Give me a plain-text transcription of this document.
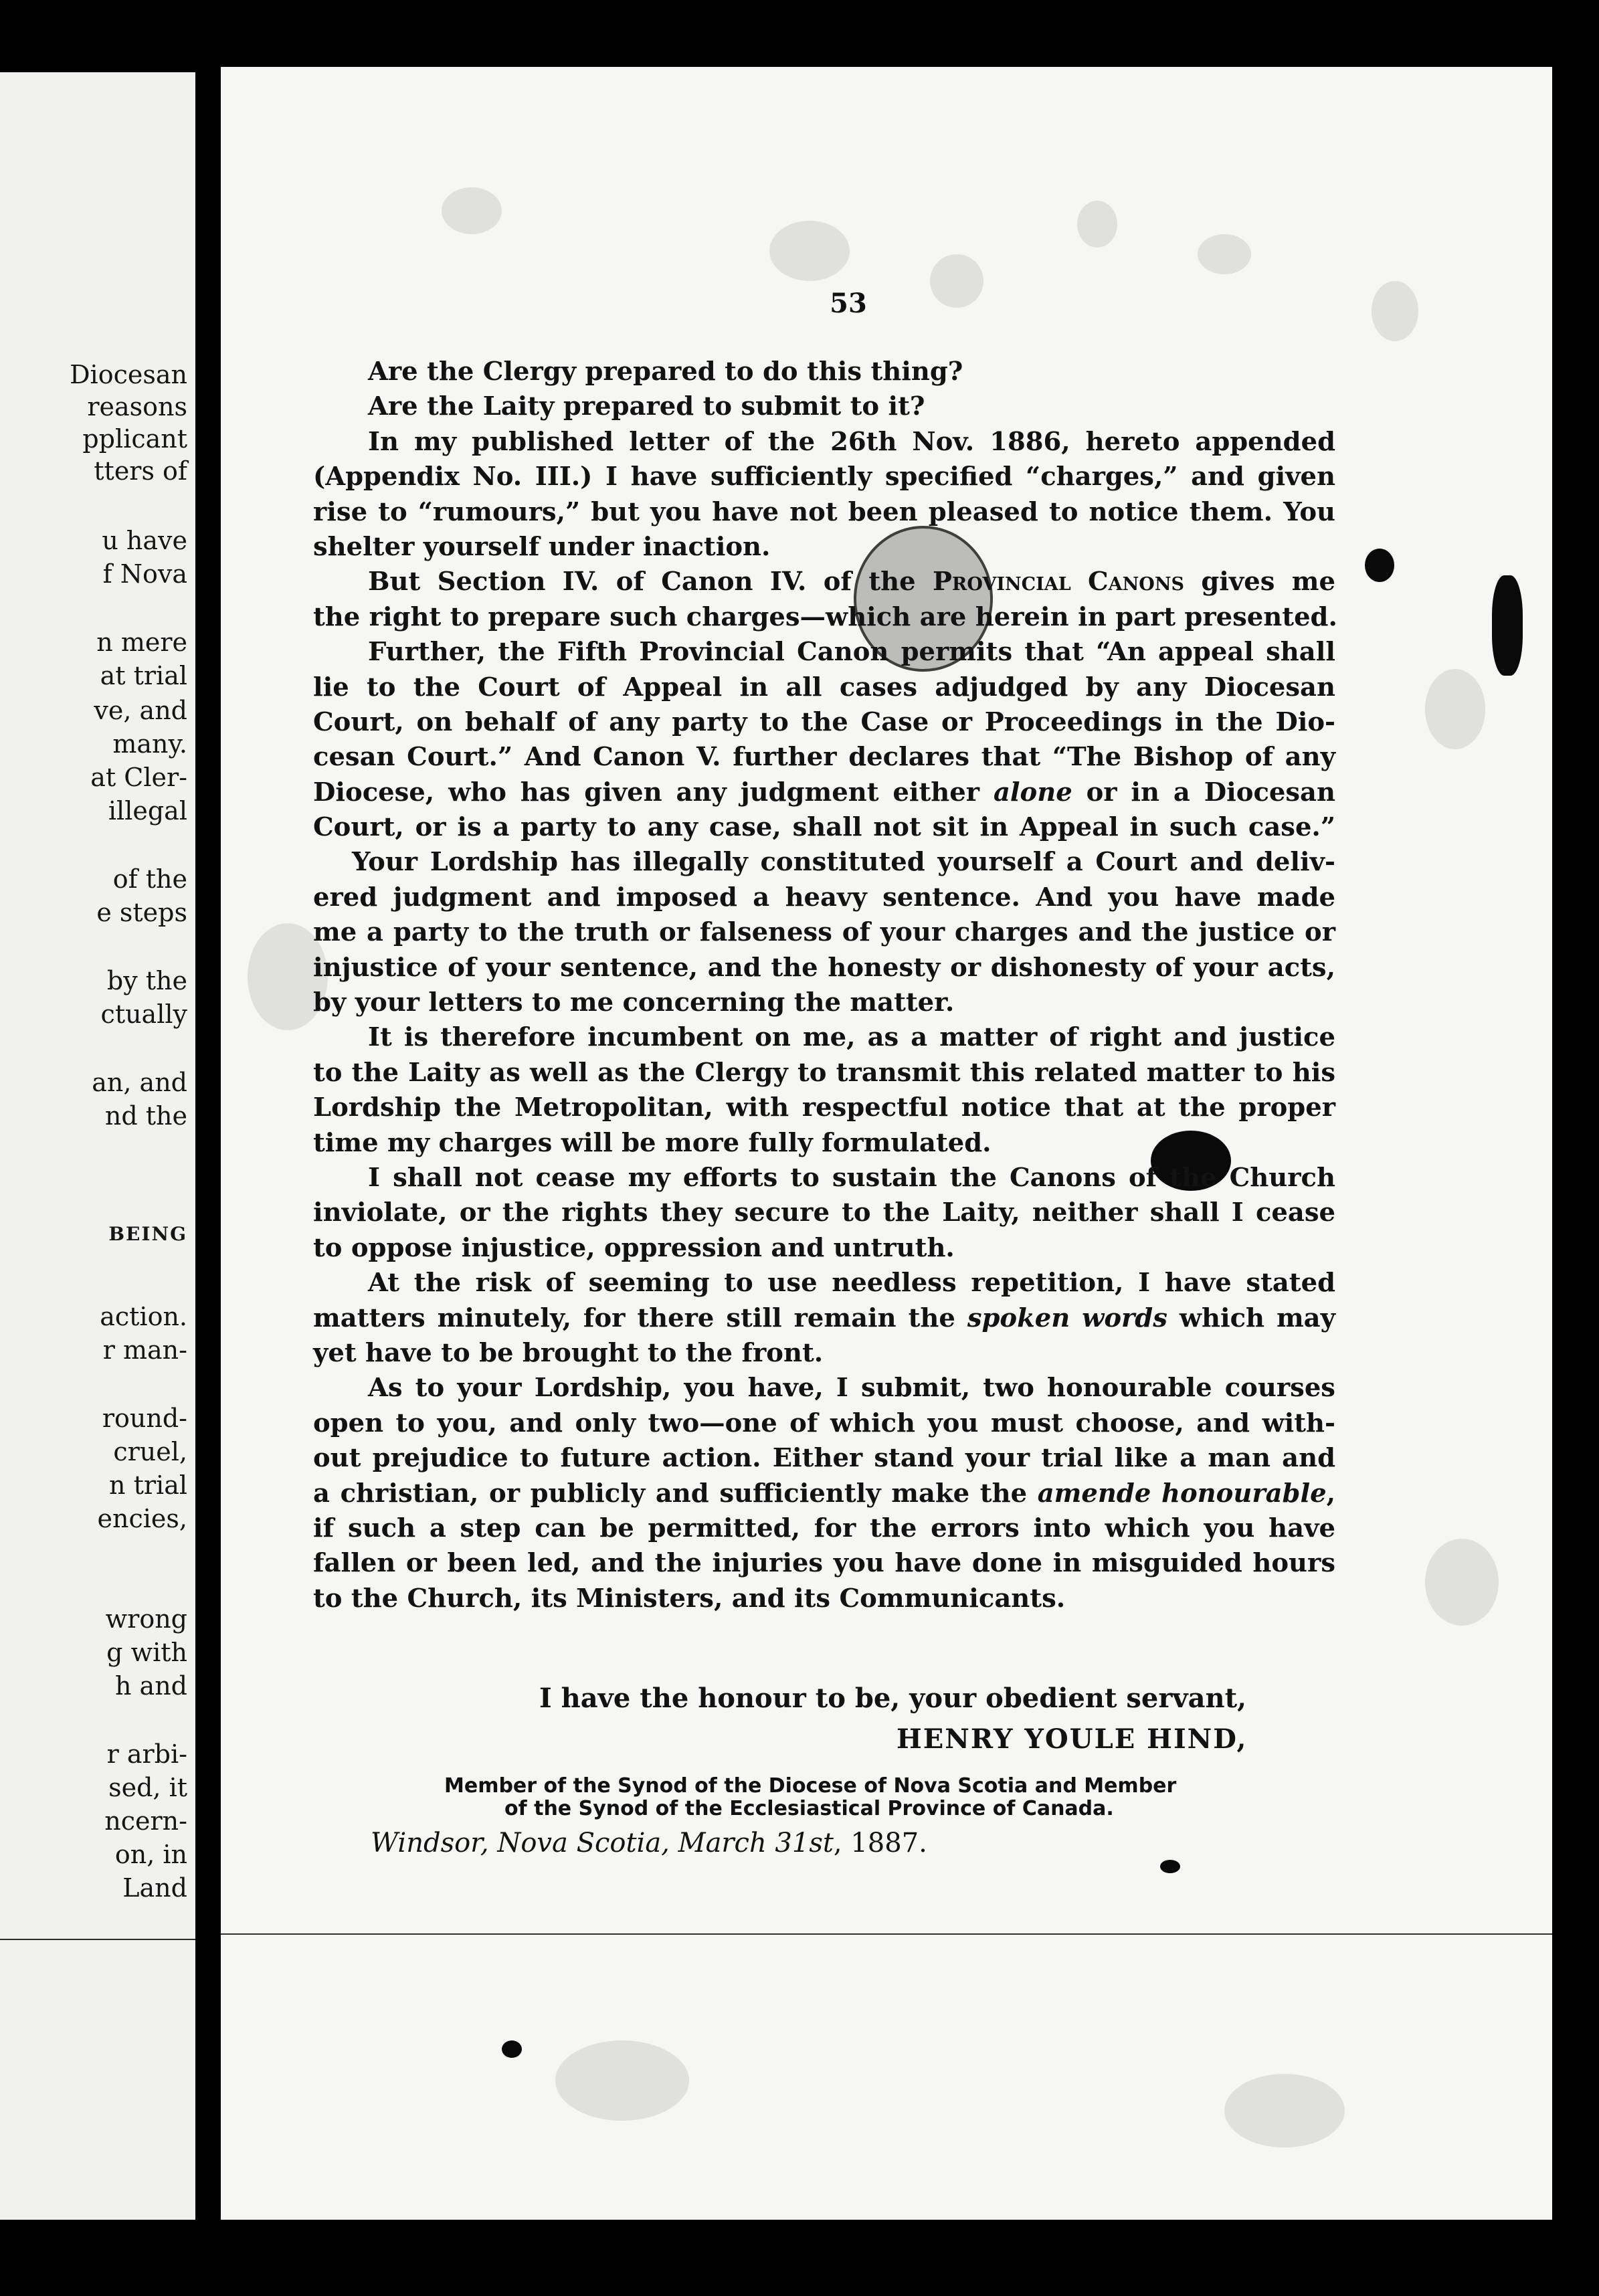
Diocesan
reasons
pplicant
tters of
u have
f Nova
n mere
at trial
ve, and
many.
at Cler-
illegal
of the
e steps
by the
ctually
an, and
nd the
BEING
action.
r man-
round-
cruel,
n trial
encies,
wrong
g with
h and
r arbi-
sed, it
ncern-
on, in
Land
53
Are the Clergy prepared to do this thing?
Are the Laity prepared to submit to it?
In my published letter of the 26th Nov. 1886, hereto appended
(Appendix No. III.) I have sufficiently specified “charges,” and given
rise to “rumours,” but you have not been pleased to notice them. You
shelter yourself under inaction.
But Section IV. of Canon IV. of the Provincial Canons gives me
the right to prepare such charges—which are herein in part presented.
Further, the Fifth Provincial Canon permits that “An appeal shall
lie to the Court of Appeal in all cases adjudged by any Diocesan
Court, on behalf of any party to the Case or Proceedings in the Dio-
cesan Court.” And Canon V. further declares that “The Bishop of any
Diocese, who has given any judgment either alone or in a Diocesan
Court, or is a party to any case, shall not sit in Appeal in such case.”
Your Lordship has illegally constituted yourself a Court and deliv-
ered judgment and imposed a heavy sentence. And you have made
me a party to the truth or falseness of your charges and the justice or
injustice of your sentence, and the honesty or dishonesty of your acts,
by your letters to me concerning the matter.
It is therefore incumbent on me, as a matter of right and justice
to the Laity as well as the Clergy to transmit this related matter to his
Lordship the Metropolitan, with respectful notice that at the proper
time my charges will be more fully formulated.
I shall not cease my efforts to sustain the Canons of the Church
inviolate, or the rights they secure to the Laity, neither shall I cease
to oppose injustice, oppression and untruth.
At the risk of seeming to use needless repetition, I have stated
matters minutely, for there still remain the spoken words which may
yet have to be brought to the front.
As to your Lordship, you have, I submit, two honourable courses
open to you, and only two—one of which you must choose, and with-
out prejudice to future action. Either stand your trial like a man and
a christian, or publicly and sufficiently make the amende honourable,
if such a step can be permitted, for the errors into which you have
fallen or been led, and the injuries you have done in misguided hours
to the Church, its Ministers, and its Communicants.
I have the honour to be, your obedient servant,
HENRY YOULE HIND,
Member of the Synod of the Diocese of Nova Scotia and Member
of the Synod of the Ecclesiastical Province of Canada.
Windsor, Nova Scotia, March 31st, 1887.
